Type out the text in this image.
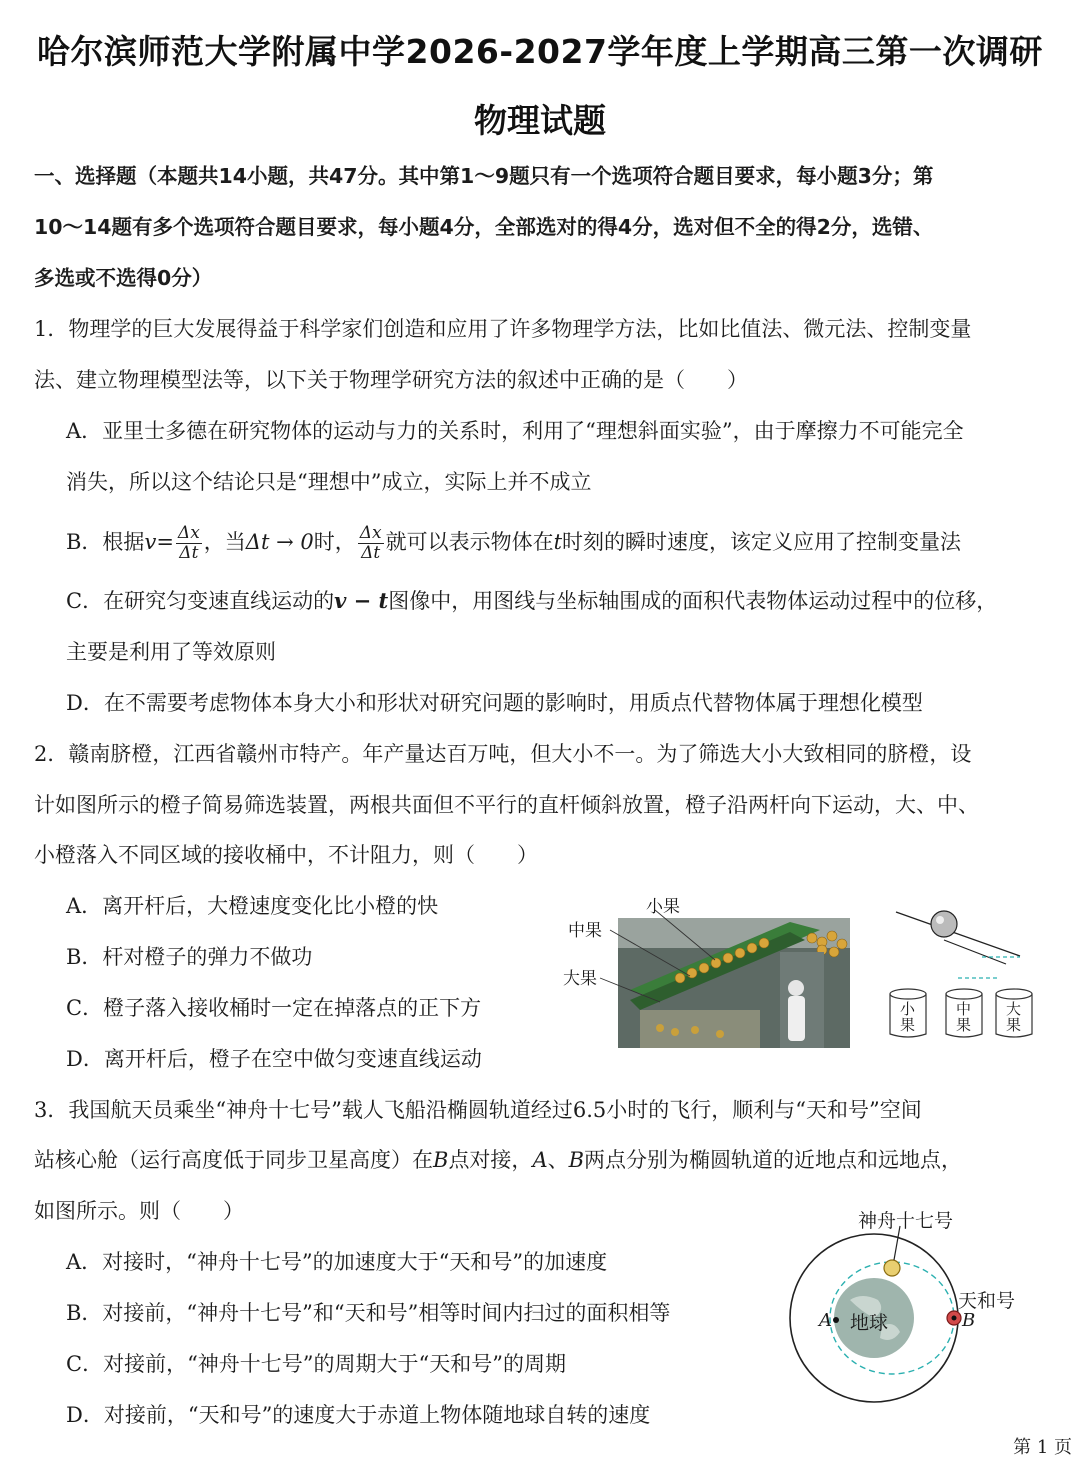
哈尔滨师范大学附属中学2026-2027学年度上学期高三第一次调研
物理试题
一、选择题（本题共14小题，共47分。其中第1～9题只有一个选项符合题目要求，每小题3分；第
10～14题有多个选项符合题目要求，每小题4分，全部选对的得4分，选对但不全的得2分，选错、
多选或不选得0分）
1．物理学的巨大发展得益于科学家们创造和应用了许多物理学方法，比如比值法、微元法、控制变量
法、建立物理模型法等，以下关于物理学研究方法的叙述中正确的是（　　）
A．亚里士多德在研究物体的运动与力的关系时，利用了“理想斜面实验”，由于摩擦力不可能完全
消失，所以这个结论只是“理想中”成立，实际上并不成立
B．根据$v= \frac{\Delta x}{\Delta t}$ ，当Δt → 0时， $\frac{\Delta x}{\Delta t}$ 就可以表示物体在t时刻的瞬时速度，该定义应用了控制变量法
C．在研究匀变速直线运动的v − t图像中，用图线与坐标轴围成的面积代表物体运动过程中的位移，
主要是利用了等效原则
D．在不需要考虑物体本身大小和形状对研究问题的影响时，用质点代替物体属于理想化模型
2．赣南脐橙，江西省赣州市特产。年产量达百万吨，但大小不一。为了筛选大小大致相同的脐橙，设
计如图所示的橙子简易筛选装置，两根共面但不平行的直杆倾斜放置，橙子沿两杆向下运动，大、中、
小橙落入不同区域的接收桶中，不计阻力，则（　　）
A．离开杆后，大橙速度变化比小橙的快
B．杆对橙子的弹力不做功
C．橙子落入接收桶时一定在掉落点的正下方
D．离开杆后，橙子在空中做匀变速直线运动
小果
中果
大果
小
果
中
果
大
果
3．我国航天员乘坐“神舟十七号”载人飞船沿椭圆轨道经过6.5小时的飞行，顺利与“天和号”空间
站核心舱（运行高度低于同步卫星高度）在B点对接，A、B两点分别为椭圆轨道的近地点和远地点，
如图所示。则（　　）
A．对接时，“神舟十七号”的加速度大于“天和号”的加速度
B．对接前，“神舟十七号”和“天和号”相等时间内扫过的面积相等
C．对接前，“神舟十七号”的周期大于“天和号”的周期
D．对接前，“天和号”的速度大于赤道上物体随地球自转的速度
神舟十七号
天和号
地球
A	B
第 1 页
